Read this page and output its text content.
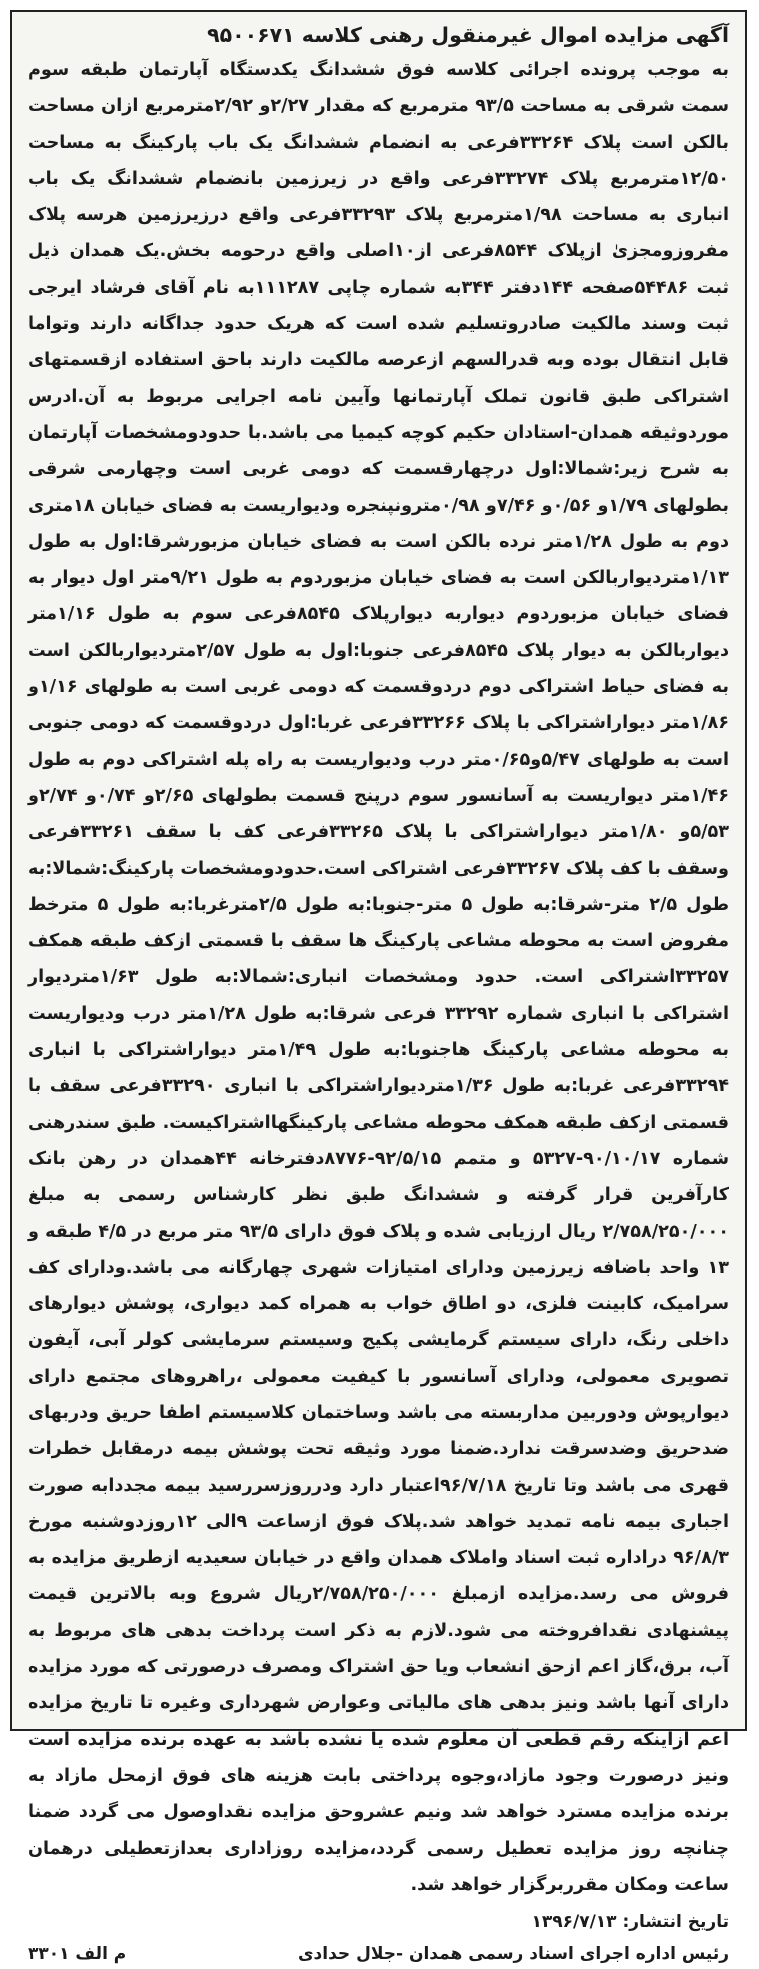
آگهی مزایده اموال غیرمنقول رهنی کلاسه ۹۵۰۰۶۷۱
به موجب پرونده اجرائی کلاسه فوق ششدانگ یکدستگاه آپارتمان طبقه سوم سمت شرقی به مساحت ۹۳/۵ مترمربع که مقدار ۲/۲۷و ۲/۹۲مترمربع ازان مساحت بالکن است پلاک ۳۳۲۶۴فرعی به انضمام ششدانگ یک باب پارکینگ به مساحت ۱۲/۵۰مترمربع پلاک ۳۳۲۷۴فرعی واقع در زیرزمین بانضمام ششدانگ یک باب انباری به مساحت ۱/۹۸مترمربع پلاک ۳۳۲۹۳فرعی واقع درزیرزمین هرسه پلاک مفروزومجزیٰ ازپلاک ۸۵۴۴فرعی از۱۰اصلی واقع درحومه بخش.یک همدان ذیل ثبت ۵۴۴۸۶صفحه ۱۴۴دفتر ۳۴۴به شماره چاپی ۱۱۱۲۸۷به نام آقای فرشاد ایرجی ثبت وسند مالکیت صادروتسلیم شده است که هریک حدود جداگانه دارند وتواما قابل انتقال بوده وبه قدرالسهم ازعرصه مالکیت دارند باحق استفاده ازقسمتهای اشتراکی طبق قانون تملک آپارتمانها وآیین نامه اجرایی مربوط به آن.ادرس موردوثیقه همدان-استادان حکیم کوچه کیمیا می باشد.با حدودومشخصات آپارتمان به شرح زیر:شمالا:اول درچهارقسمت که دومی غربی است وچهارمی شرقی بطولهای ۱/۷۹و ۰/۵۶و ۷/۴۶و ۰/۹۸مترونپنجره ودیواریست به فضای خیابان ۱۸متری دوم به طول ۱/۲۸متر نرده بالکن است به فضای خیابان مزبورشرقا:اول به طول ۱/۱۳متردیواربالکن است به فضای خیابان مزبوردوم به طول ۹/۲۱متر اول دیوار به فضای خیابان مزبوردوم دیواربه دیوارپلاک ۸۵۴۵فرعی سوم به طول ۱/۱۶متر دیواربالکن به دیوار پلاک ۸۵۴۵فرعی جنوبا:اول به طول ۲/۵۷متردیواربالکن است به فضای حیاط اشتراکی دوم دردوقسمت که دومی غربی است به طولهای ۱/۱۶و ۱/۸۶متر دیواراشتراکی با پلاک ۳۳۲۶۶فرعی غربا:اول دردوقسمت که دومی جنوبی است به طولهای ۵/۴۷و۰/۶۵متر درب ودیواریست به راه پله اشتراکی دوم به طول ۱/۴۶متر دیواریست به آسانسور سوم درپنج قسمت بطولهای ۲/۶۵و ۰/۷۴و ۲/۷۴و ۵/۵۳و ۱/۸۰متر دیواراشتراکی با پلاک ۳۳۲۶۵فرعی کف با سقف ۳۳۲۶۱فرعی وسقف با کف پلاک ۳۳۲۶۷فرعی اشتراکی است.حدودومشخصات پارکینگ:شمالا:به طول ۲/۵ متر-شرقا:به طول ۵ متر-جنوبا:به طول ۲/۵مترغربا:به طول ۵ مترخط مفروض است به محوطه مشاعی پارکینگ ها سقف با قسمتی ازکف طبقه همکف ۳۳۲۵۷اشتراکی است. حدود ومشخصات انباری:شمالا:به طول ۱/۶۳متردیوار اشتراکی با انباری شماره ۳۳۲۹۲ فرعی شرقا:به طول ۱/۲۸متر درب ودیواریست به محوطه مشاعی پارکینگ هاجنوبا:به طول ۱/۴۹متر دیواراشتراکی با انباری ۳۳۲۹۴فرعی غربا:به طول ۱/۳۶متردیواراشتراکی با انباری ۳۳۲۹۰فرعی سقف با قسمتی ازکف طبقه همکف محوطه مشاعی پارکینگهااشتراکیست. طبق سندرهنی شماره ۹۰/۱۰/۱۷-۵۳۲۷ و متمم ۹۲/۵/۱۵-۸۷۷۶دفترخانه ۴۴همدان در رهن بانک کارآفرین قرار گرفته و ششدانگ طبق نظر کارشناس رسمی به مبلغ ۲/۷۵۸/۲۵۰/۰۰۰ ریال ارزیابی شده و پلاک فوق دارای ۹۳/۵ متر مربع در ۴/۵ طبقه و ۱۳ واحد باضافه زیرزمین ودارای امتیازات شهری چهارگانه می باشد.ودارای کف سرامیک، کابینت فلزی، دو اطاق خواب به همراه کمد دیواری، پوشش دیوارهای داخلی رنگ، دارای سیستم گرمایشی پکیج وسیستم سرمایشی کولر آبی، آیفون تصویری معمولی، ودارای آسانسور با کیفیت معمولی ،راهروهای مجتمع دارای دیوارپوش ودوربین مداربسته می باشد وساختمان کلاسیستم اطفا حریق ودربهای ضدحریق وضدسرقت ندارد.ضمنا مورد وثیقه تحت پوشش بیمه درمقابل خطرات قهری می باشد وتا تاریخ ۹۶/۷/۱۸اعتبار دارد ودرروزسررسید بیمه مجددابه صورت اجباری بیمه نامه تمدید خواهد شد.پلاک فوق ازساعت ۹الی ۱۲روزدوشنبه مورخ ۹۶/۸/۳ دراداره ثبت اسناد واملاک همدان واقع در خیابان سعیدیه ازطریق مزایده به فروش می رسد.مزایده ازمبلغ ۲/۷۵۸/۲۵۰/۰۰۰ریال شروع وبه بالاترین قیمت پیشنهادی نقدافروخته می شود.لازم به ذکر است پرداخت بدهی های مربوط به آب، برق،گاز اعم ازحق انشعاب ویا حق اشتراک ومصرف درصورتی که مورد مزایده دارای آنها باشد ونیز بدهی های مالیاتی وعوارض شهرداری وغیره تا تاریخ مزایده اعم ازاینکه رقم قطعی آن معلوم شده یا نشده باشد به عهده برنده مزایده است ونیز درصورت وجود مازاد،وجوه پرداختی بابت هزینه های فوق ازمحل مازاد به برنده مزایده مسترد خواهد شد ونیم عشروحق مزایده نقداوصول می گردد ضمنا چنانچه روز مزایده تعطیل رسمی گردد،مزایده روزاداری بعدازتعطیلی درهمان ساعت ومکان مقرربرگزار خواهد شد.
تاریخ انتشار: ۱۳۹۶/۷/۱۳
رئیس اداره اجرای اسناد رسمی همدان -جلال حدادی
م الف ۳۳۰۱
